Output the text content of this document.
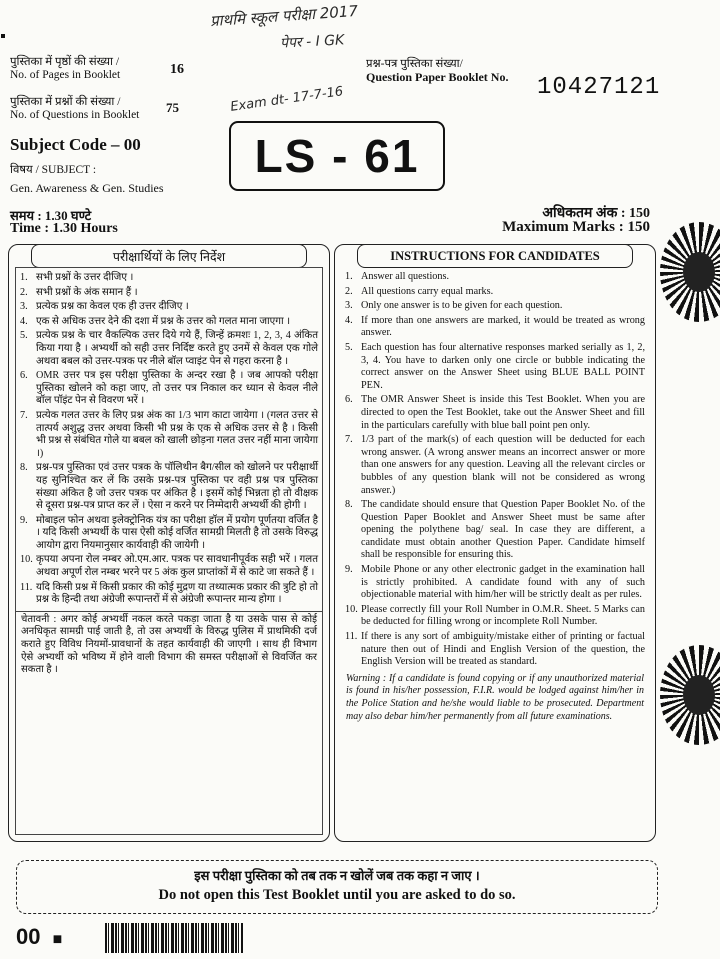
प्राथमि स्कूल परीक्षा 2017
पेपर - I GK
Exam dt- 17-7-16
पुस्तिका में पृष्ठों की संख्या /
No. of Pages in Booklet	16
पुस्तिका में प्रश्नों की संख्या /
No. of Questions in Booklet	75
Subject Code – 00
विषय / SUBJECT :
Gen. Awareness & Gen. Studies
समय : 1.30 घण्टे
Time : 1.30 Hours
प्रश्न-पत्र पुस्तिका संख्या/
Question Paper Booklet No.	10427121
LS - 61
अधिकतम अंक : 150
Maximum Marks : 150
परीक्षार्थियों के लिए निर्देश
1. सभी प्रश्नों के उत्तर दीजिए ।
2. सभी प्रश्नों के अंक समान हैं ।
3. प्रत्येक प्रश्न का केवल एक ही उत्तर दीजिए ।
4. एक से अधिक उत्तर देने की दशा में प्रश्न के उत्तर को गलत माना जाएगा ।
5. प्रत्येक प्रश्न के चार वैकल्पिक उत्तर दिये गये हैं, जिन्हें क्रमशः 1, 2, 3, 4 अंकित किया गया है । अभ्यर्थी को सही उत्तर निर्दिष्ट करते हुए उनमें से केवल एक गोले अथवा बबल को उत्तर-पत्रक पर नीले बॉल प्वाइंट पेन से गहरा करना है ।
6. OMR उत्तर पत्र इस परीक्षा पुस्तिका के अन्दर रखा है । जब आपको परीक्षा पुस्तिका खोलने को कहा जाए, तो उत्तर पत्र निकाल कर ध्यान से केवल नीले बॉल पॉइंट पेन से विवरण भरें ।
7. प्रत्येक गलत उत्तर के लिए प्रश्न अंक का 1/3 भाग काटा जायेगा । (गलत उत्तर से तात्पर्य अशुद्ध उत्तर अथवा किसी भी प्रश्न के एक से अधिक उत्तर से है । किसी भी प्रश्न से संबंधित गोले या बबल को खाली छोड़ना गलत उत्तर नहीं माना जायेगा ।)
8. प्रश्न-पत्र पुस्तिका एवं उत्तर पत्रक के पॉलिथीन बैग/सील को खोलने पर परीक्षार्थी यह सुनिश्चित कर लें कि उसके प्रश्न-पत्र पुस्तिका पर वही प्रश्न पत्र पुस्तिका संख्या अंकित है जो उत्तर पत्रक पर अंकित है । इसमें कोई भिन्नता हो तो वीक्षक से दूसरा प्रश्न-पत्र प्राप्त कर लें । ऐसा न करने पर निम्मेदारी अभ्यर्थी की होगी ।
9. मोबाइल फोन अथवा इलेक्ट्रोनिक यंत्र का परीक्षा हॉल में प्रयोग पूर्णतया वर्जित है । यदि किसी अभ्यर्थी के पास ऐसी कोई वर्जित सामग्री मिलती है तो उसके विरुद्ध आयोग द्वारा नियमानुसार कार्यवाही की जायेगी ।
10. कृपया अपना रोल नम्बर ओ.एम.आर. पत्रक पर सावधानीपूर्वक सही भरें । गलत अथवा अपूर्ण रोल नम्बर भरने पर 5 अंक कुल प्राप्तांकों में से काटे जा सकते हैं ।
11. यदि किसी प्रश्न में किसी प्रकार की कोई मुद्रण या तथ्यात्मक प्रकार की त्रुटि हो तो प्रश्न के हिन्दी तथा अंग्रेजी रूपान्तरों में से अंग्रेजी रूपान्तर मान्य होगा ।
चेतावनी : अगर कोई अभ्यर्थी नकल करते पकड़ा जाता है या उसके पास से कोई अनधिकृत सामग्री पाई जाती है, तो उस अभ्यर्थी के विरुद्ध पुलिस में प्राथमिकी दर्ज कराते हुए विविध नियमों-प्रावधानों के तहत कार्यवाही की जाएगी । साथ ही विभाग ऐसे अभ्यर्थी को भविष्य में होने वाली विभाग की समस्त परीक्षाओं से विवर्जित कर सकता है ।
INSTRUCTIONS FOR CANDIDATES
1. Answer all questions.
2. All questions carry equal marks.
3. Only one answer is to be given for each question.
4. If more than one answers are marked, it would be treated as wrong answer.
5. Each question has four alternative responses marked serially as 1, 2, 3, 4. You have to darken only one circle or bubble indicating the correct answer on the Answer Sheet using BLUE BALL POINT PEN.
6. The OMR Answer Sheet is inside this Test Booklet. When you are directed to open the Test Booklet, take out the Answer Sheet and fill in the particulars carefully with blue ball point pen only.
7. 1/3 part of the mark(s) of each question will be deducted for each wrong answer. (A wrong answer means an incorrect answer or more than one answers for any question. Leaving all the relevant circles or bubbles of any question blank will not be considered as wrong answer.)
8. The candidate should ensure that Question Paper Booklet No. of the Question Paper Booklet and Answer Sheet must be same after opening the polythene bag/ seal. In case they are different, a candidate must obtain another Question Paper. Candidate himself shall be responsible for ensuring this.
9. Mobile Phone or any other electronic gadget in the examination hall is strictly prohibited. A candidate found with any of such objectionable material with him/her will be strictly dealt as per rules.
10. Please correctly fill your Roll Number in O.M.R. Sheet. 5 Marks can be deducted for filling wrong or incomplete Roll Number.
11. If there is any sort of ambiguity/mistake either of printing or factual nature then out of Hindi and English Version of the question, the English Version will be treated as standard.
Warning : If a candidate is found copying or if any unauthorized material is found in his/her possession, F.I.R. would be lodged against him/her in the Police Station and he/she would liable to be prosecuted. Department may also debar him/her permanently from all future examinations.
इस परीक्षा पुस्तिका को तब तक न खोलें जब तक कहा न जाए ।
Do not open this Test Booklet until you are asked to do so.
00 ■
